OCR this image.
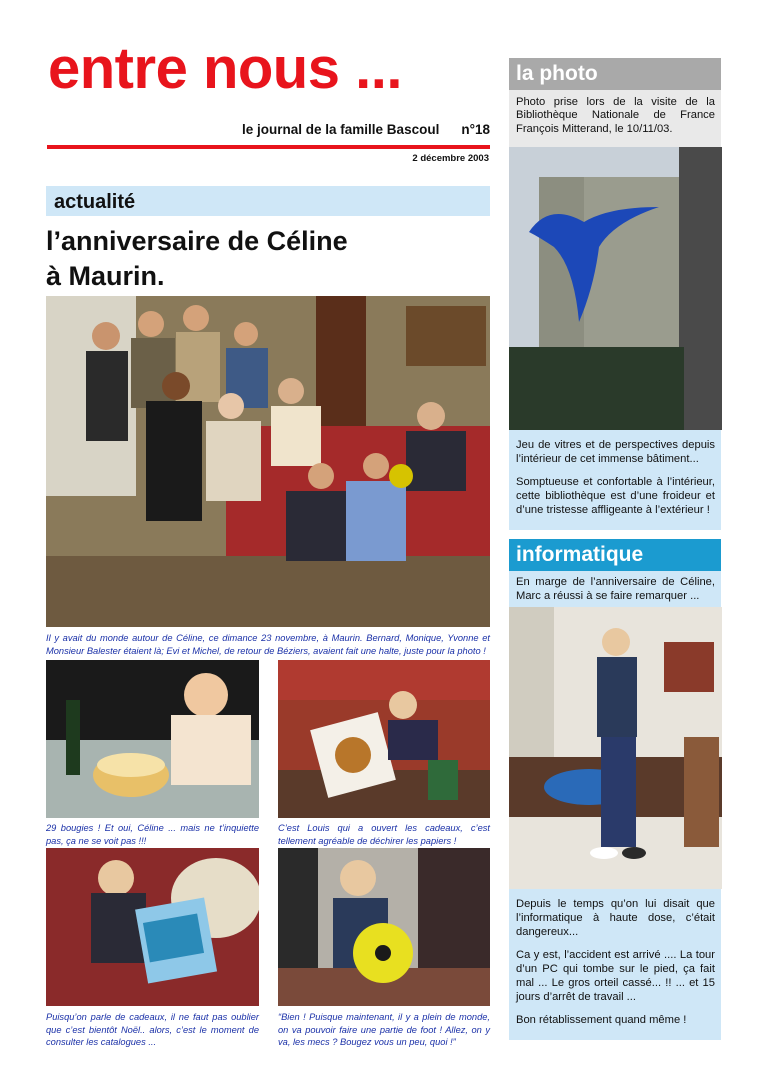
entre nous ...
le journal de la famille Bascoul n°18
2 décembre 2003
actualité
l’anniversaire de Céline
à Maurin.
Il y avait du monde autour de Céline, ce dimance 23 novembre, à Maurin. Bernard, Monique, Yvonne et Monsieur Balester étaient là; Evi et Michel, de retour de Béziers, avaient fait une halte, juste pour la photo !
29 bougies ! Et oui, Céline ... mais ne t’inquiette pas, ça ne se voit pas !!!
C’est Louis qui a ouvert les cadeaux, c’est tellement agréable de déchirer les papiers !
Puisqu’on parle de cadeaux, il ne faut pas oublier que c’est bientôt Noël.. alors, c’est le moment de consulter les catalogues ...
“Bien ! Puisque maintenant, il y a plein de monde, on va pouvoir faire une partie de foot ! Allez, on y va, les mecs ? Bougez vous un peu, quoi !”
la photo

Photo prise lors de la visite de la Bibliothèque Nationale de France François Mitterand, le 10/11/03.

Jeu de vitres et de perspectives depuis l’intérieur de cet immense bâtiment...

Somptueuse et confortable à l’intérieur, cette bibliothèque est d’une froideur et d’une tristesse affligeante à l’extérieur !

informatique

En marge de l’anniversaire de Céline, Marc a réussi à se faire remarquer ...

Depuis le temps qu’on lui disait que l’informatique à haute dose, c’était dangereux...

Ca y est, l’accident est arrivé .... La tour d’un PC qui tombe sur le pied, ça fait mal ... Le gros orteil cassé... !! ... et 15 jours d’arrêt de travail ...

Bon rétablissement quand même !
